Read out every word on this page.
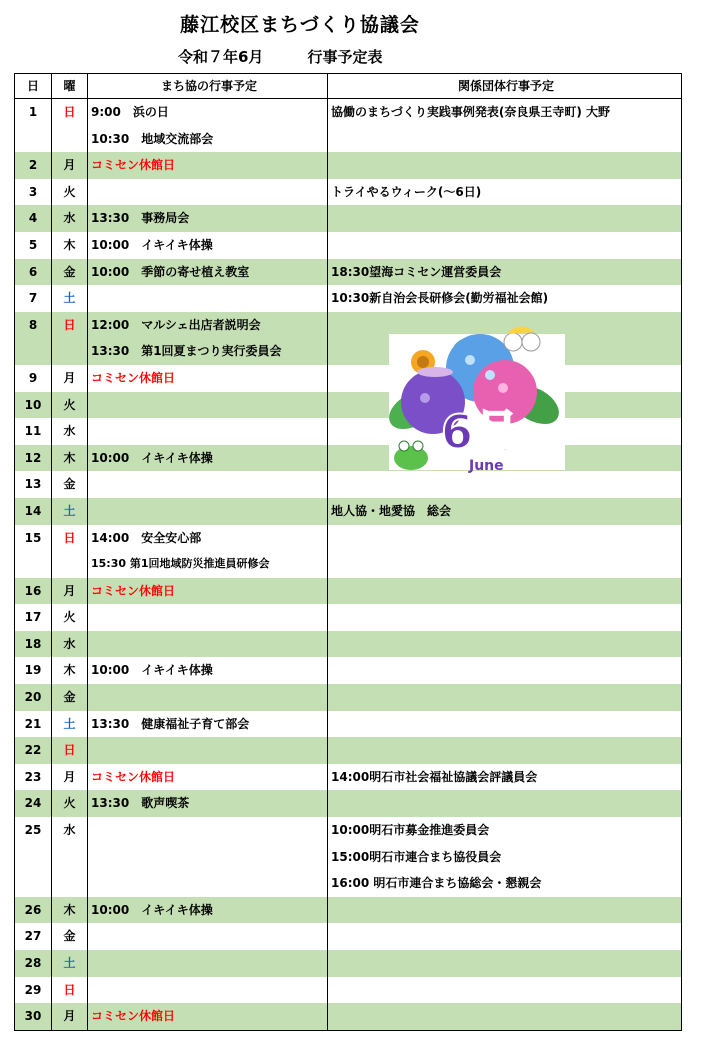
藤江校区まちづくり協議会
令和７年6月	行事予定表
日	曜	まち協の行事予定	関係団体行事予定
1	日	9:00　浜の日	協働のまちづくり実践事例発表(奈良県王寺町) 大野
		10:30　地域交流部会	
2	月	コミセン休館日	
3	火		トライやるウィーク(～6日)
4	水	13:30　事務局会	
5	木	10:00　イキイキ体操	
6	金	10:00　季節の寄せ植え教室	18:30望海コミセン運営委員会
7	土		10:30新自治会長研修会(勤労福祉会館)
8	日	12:00　マルシェ出店者説明会	
		13:30　第1回夏まつり実行委員会	
9	月	コミセン休館日	
10	火		
11	水		
12	木	10:00　イキイキ体操	
13	金		
14	土		地人協・地愛協　総会
15	日	14:00　安全安心部	
		15:30 第1回地域防災推進員研修会	
16	月	コミセン休館日	
17	火		
18	水		
19	木	10:00　イキイキ体操	
20	金		
21	土	13:30　健康福祉子育て部会	
22	日		
23	月	コミセン休館日	14:00明石市社会福祉協議会評議員会
24	火	13:30　歌声喫茶	
25	水		10:00明石市募金推進委員会
			15:00明石市連合まち協役員会
			16:00 明石市連合まち協総会・懇親会
26	木	10:00　イキイキ体操	
27	金		
28	土		
29	日		
30	月	コミセン休館日	
6月
June
